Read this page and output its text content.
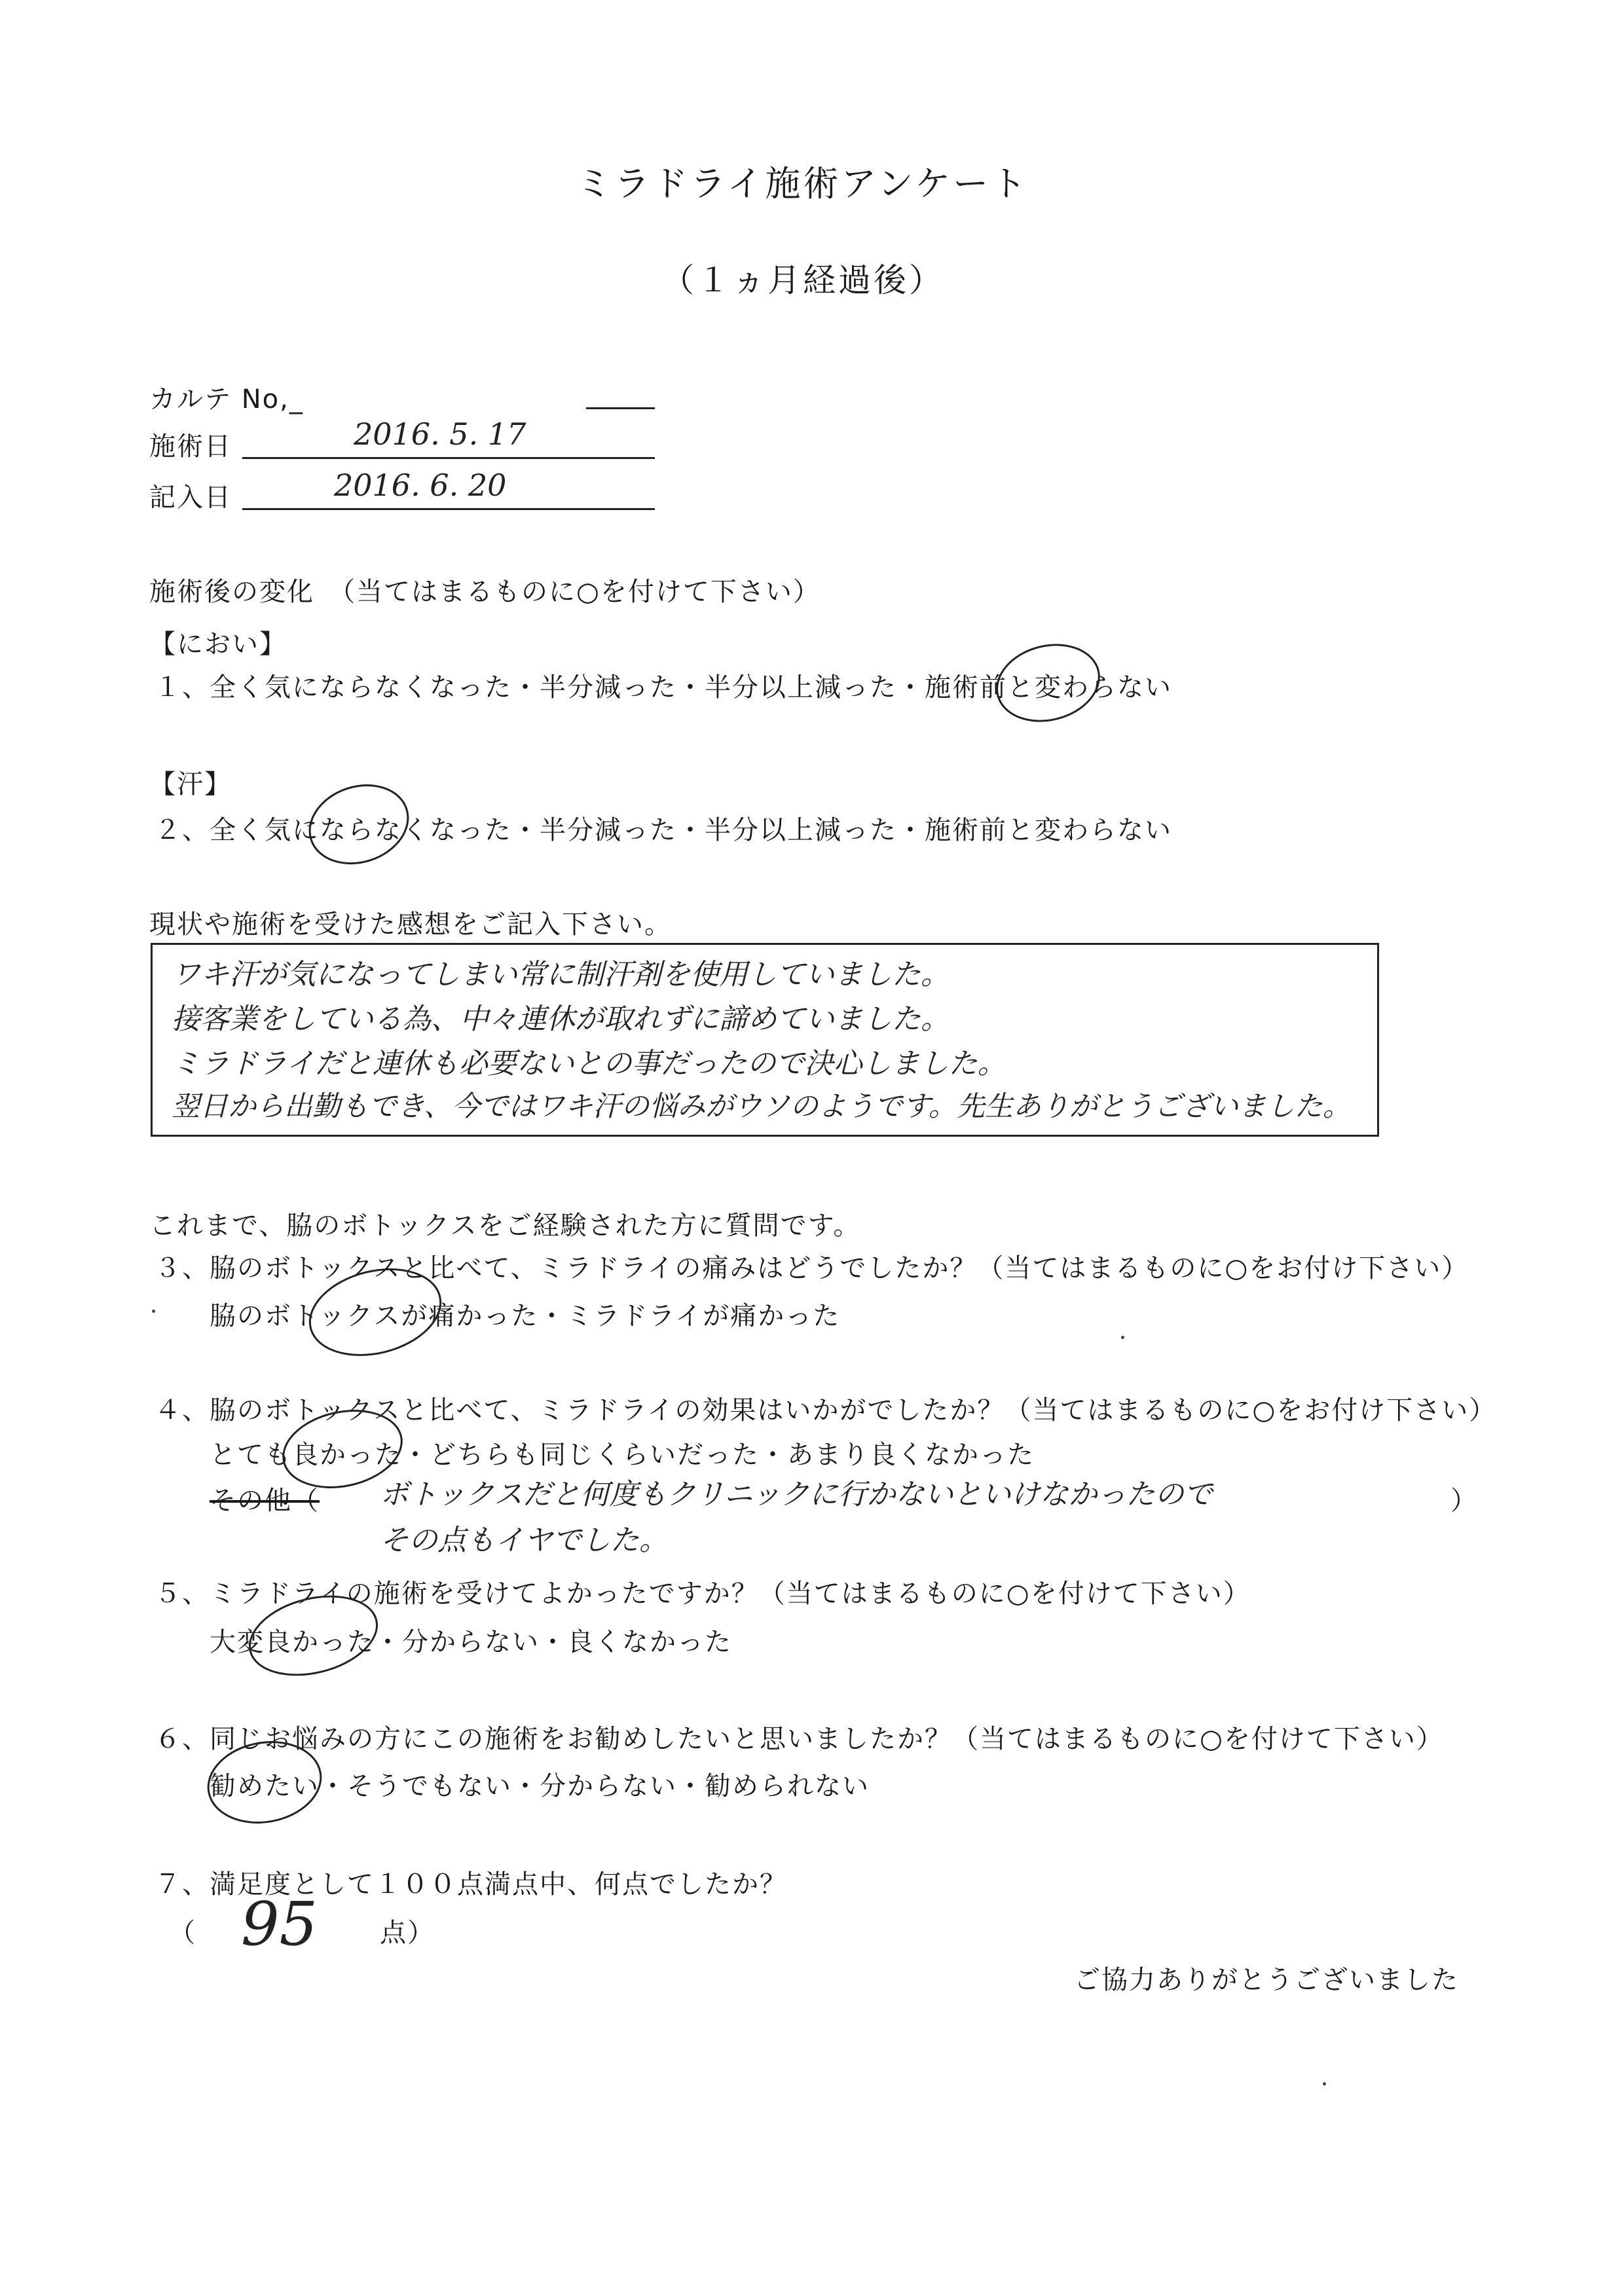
ミラドライ施術アンケート
（１ヵ月経過後）
カルテ No,_
施術日	2016. 5. 17
記入日	2016. 6. 20
施術後の変化　（当てはまるものに○を付けて下さい）
【におい】
１、全く気にならなくなった・半分減った・半分以上減った・施術前と変わらない
【汗】
２、全く気にならなくなった・半分減った・半分以上減った・施術前と変わらない
現状や施術を受けた感想をご記入下さい。
ワキ汗が気になってしまい常に制汗剤を使用していました。
接客業をしている為、中々連休が取れずに諦めていました。
ミラドライだと連休も必要ないとの事だったので決心しました。
翌日から出勤もでき、今ではワキ汗の悩みがウソのようです。先生ありがとうございました。
これまで、脇のボトックスをご経験された方に質問です。
３、脇のボトックスと比べて、ミラドライの痛みはどうでしたか？（当てはまるものに○をお付け下さい）
脇のボトックスが痛かった・ミラドライが痛かった
４、脇のボトックスと比べて、ミラドライの効果はいかがでしたか？（当てはまるものに○をお付け下さい）
とても良かった・どちらも同じくらいだった・あまり良くなかった
その他（	）
ボトックスだと何度もクリニックに行かないといけなかったので
その点もイヤでした。
５、ミラドライの施術を受けてよかったですか？（当てはまるものに○を付けて下さい）
大変良かった・分からない・良くなかった
６、同じお悩みの方にこの施術をお勧めしたいと思いましたか？（当てはまるものに○を付けて下さい）
勧めたい・そうでもない・分からない・勧められない
７、満足度として１００点満点中、何点でしたか？
（ 95 点）
ご協力ありがとうございました
